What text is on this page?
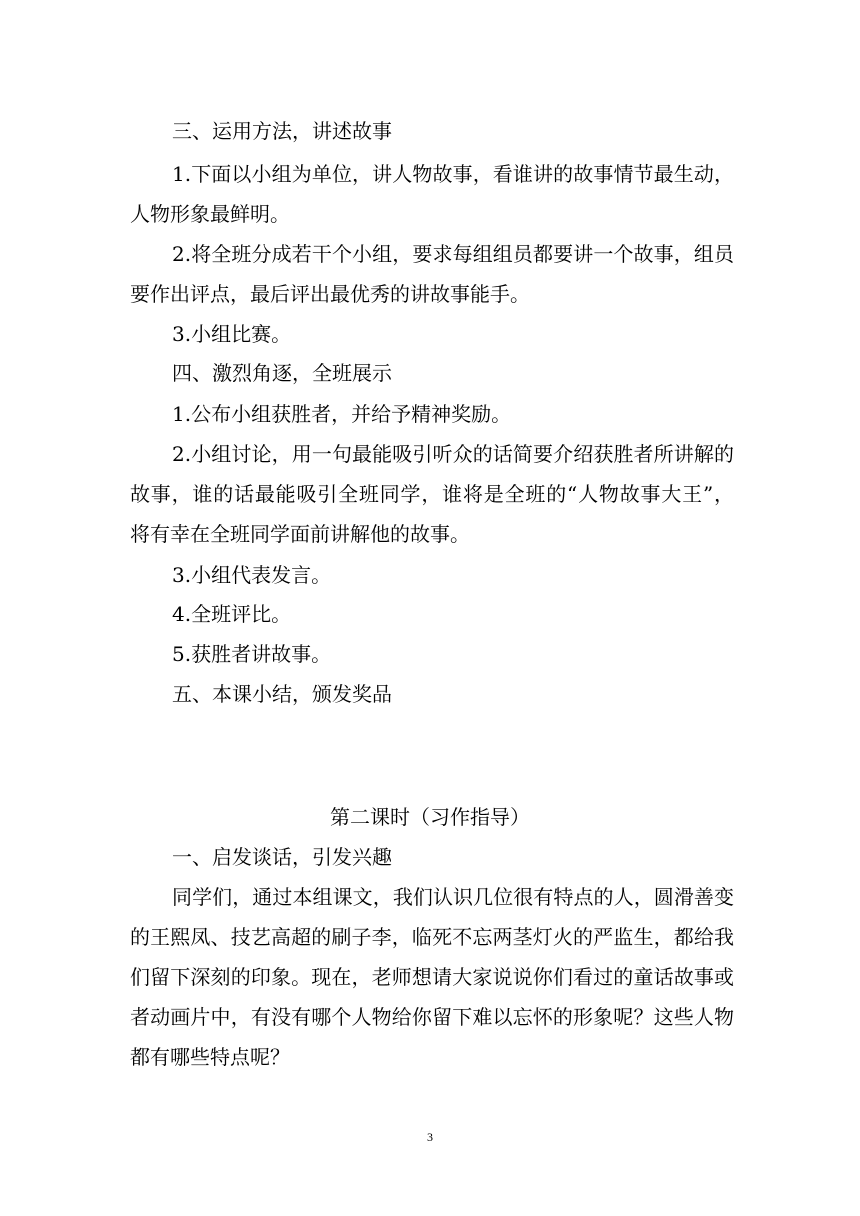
三、运用方法，讲述故事
1.下面以小组为单位，讲人物故事，看谁讲的故事情节最生动，
人物形象最鲜明。
2.将全班分成若干个小组，要求每组组员都要讲一个故事，组员
要作出评点，最后评出最优秀的讲故事能手。
3.小组比赛。
四、激烈角逐，全班展示
1.公布小组获胜者，并给予精神奖励。
2.小组讨论，用一句最能吸引听众的话简要介绍获胜者所讲解的
故事，谁的话最能吸引全班同学，谁将是全班的“人物故事大王”，
将有幸在全班同学面前讲解他的故事。
3.小组代表发言。
4.全班评比。
5.获胜者讲故事。
五、本课小结，颁发奖品
第二课时（习作指导）
一、启发谈话，引发兴趣
同学们，通过本组课文，我们认识几位很有特点的人，圆滑善变
的王熙凤、技艺高超的刷子李，临死不忘两茎灯火的严监生，都给我
们留下深刻的印象。现在，老师想请大家说说你们看过的童话故事或
者动画片中，有没有哪个人物给你留下难以忘怀的形象呢？这些人物
都有哪些特点呢？
3
